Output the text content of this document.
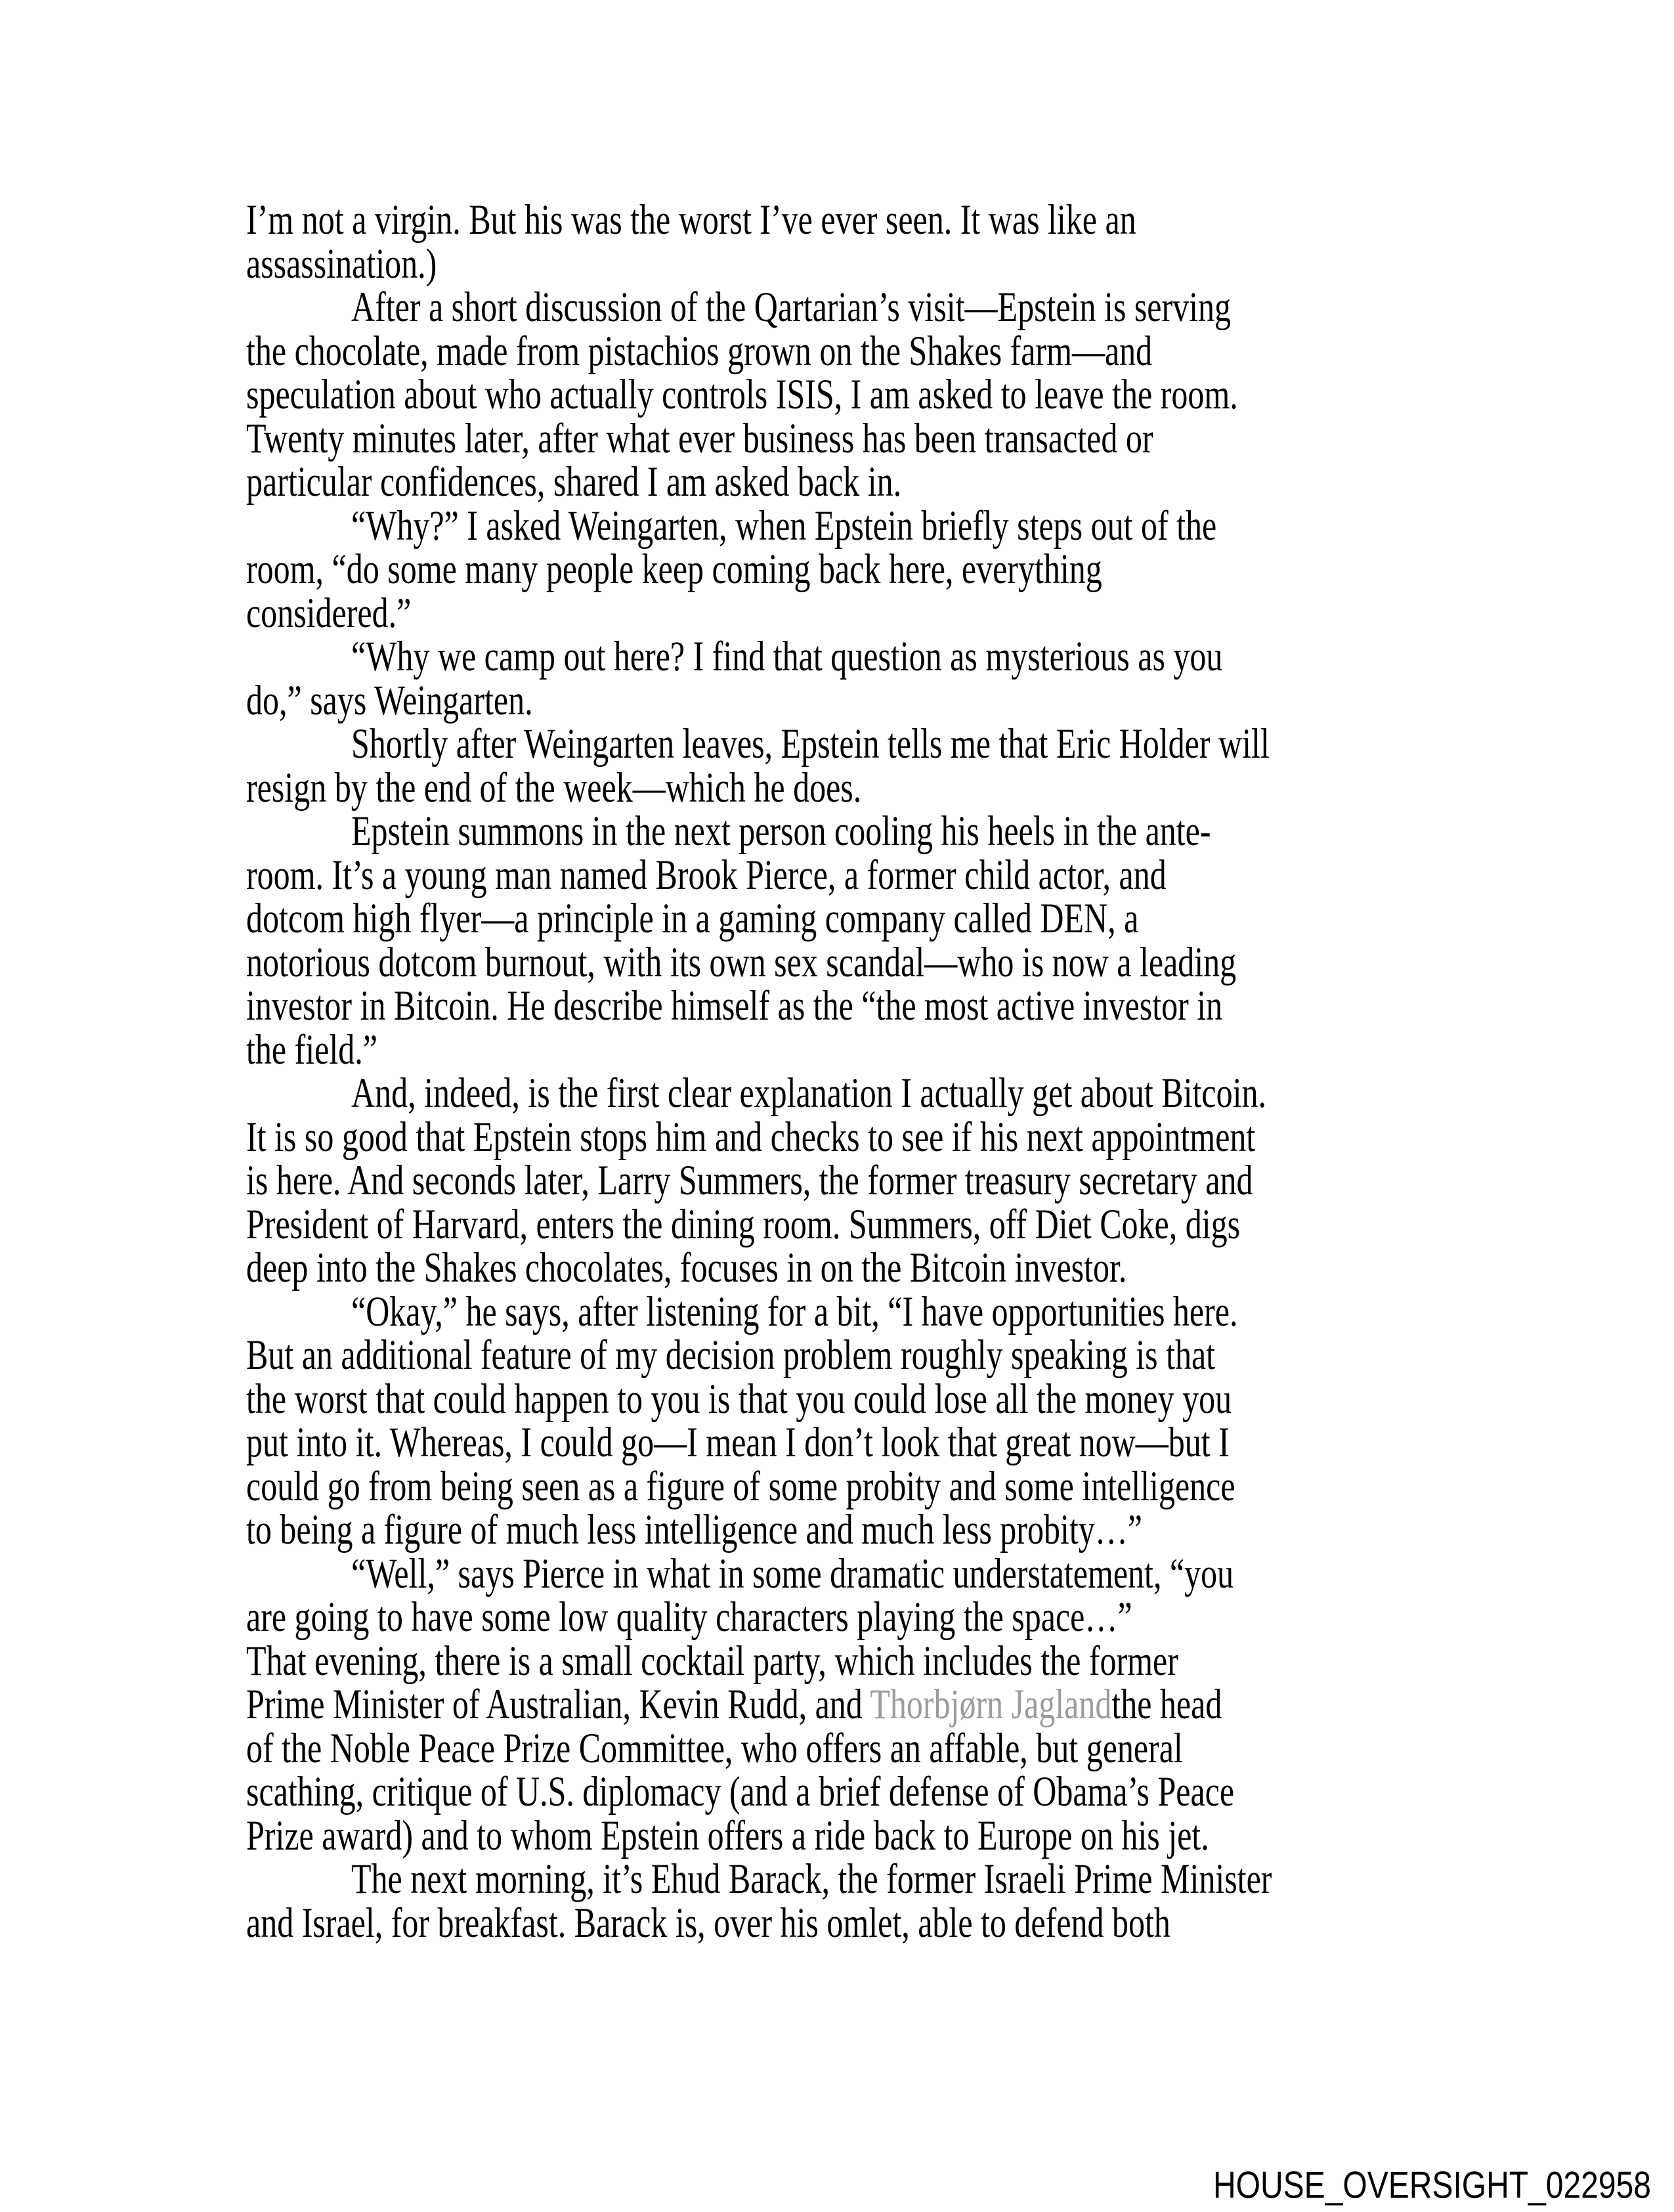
I’m not a virgin. But his was the worst I’ve ever seen. It was like an
assassination.)
After a short discussion of the Qartarian’s visit—Epstein is serving
the chocolate, made from pistachios grown on the Shakes farm—and
speculation about who actually controls ISIS, I am asked to leave the room.
Twenty minutes later, after what ever business has been transacted or
particular confidences, shared I am asked back in.
“Why?” I asked Weingarten, when Epstein briefly steps out of the
room, “do some many people keep coming back here, everything
considered.”
“Why we camp out here? I find that question as mysterious as you
do,” says Weingarten.
Shortly after Weingarten leaves, Epstein tells me that Eric Holder will
resign by the end of the week—which he does.
Epstein summons in the next person cooling his heels in the ante-
room. It’s a young man named Brook Pierce, a former child actor, and
dotcom high flyer—a principle in a gaming company called DEN, a
notorious dotcom burnout, with its own sex scandal—who is now a leading
investor in Bitcoin. He describe himself as the “the most active investor in
the field.”
And, indeed, is the first clear explanation I actually get about Bitcoin.
It is so good that Epstein stops him and checks to see if his next appointment
is here. And seconds later, Larry Summers, the former treasury secretary and
President of Harvard, enters the dining room. Summers, off Diet Coke, digs
deep into the Shakes chocolates, focuses in on the Bitcoin investor.
“Okay,” he says, after listening for a bit, “I have opportunities here.
But an additional feature of my decision problem roughly speaking is that
the worst that could happen to you is that you could lose all the money you
put into it. Whereas, I could go—I mean I don’t look that great now—but I
could go from being seen as a figure of some probity and some intelligence
to being a figure of much less intelligence and much less probity…”
“Well,” says Pierce in what in some dramatic understatement, “you
are going to have some low quality characters playing the space…”
That evening, there is a small cocktail party, which includes the former
Prime Minister of Australian, Kevin Rudd, and Thorbjørn Jaglandthe head
of the Noble Peace Prize Committee, who offers an affable, but general
scathing, critique of U.S. diplomacy (and a brief defense of Obama’s Peace
Prize award) and to whom Epstein offers a ride back to Europe on his jet.
The next morning, it’s Ehud Barack, the former Israeli Prime Minister
and Israel, for breakfast. Barack is, over his omlet, able to defend both
HOUSE_OVERSIGHT_022958
